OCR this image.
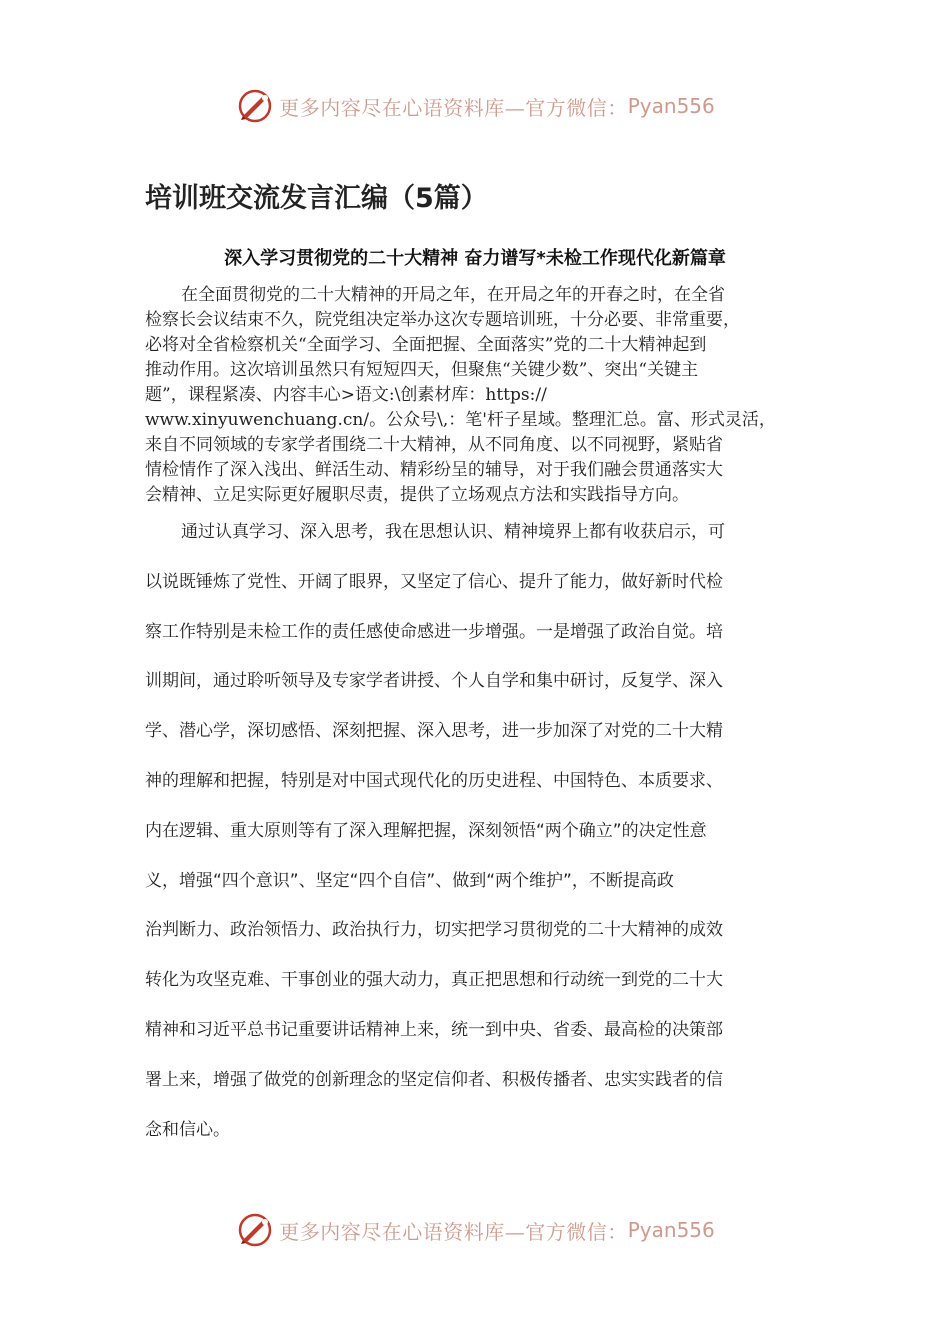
更多内容尽在心语资料库—官方微信： Pyan556
培训班交流发言汇编（5篇）
深入学习贯彻党的二十大精神 奋力谱写*未检工作现代化新篇章
在全面贯彻党的二十大精神的开局之年，在开局之年的开春之时，在全省
检察长会议结束不久，院党组决定举办这次专题培训班，十分必要、非常重要，
必将对全省检察机关“全面学习、全面把握、全面落实”党的二十大精神起到
推动作用。这次培训虽然只有短短四天，但聚焦“关键少数”、突出“关键主
题”，课程紧凑、内容丰心>语文:\创素材库：https://
www.xinyuwenchuang.cn/。公众号\,：笔'杆子星域。整理汇总。富、形式灵活，
来自不同领域的专家学者围绕二十大精神，从不同角度、以不同视野，紧贴省
情检情作了深入浅出、鲜活生动、精彩纷呈的辅导，对于我们融会贯通落实大
会精神、立足实际更好履职尽责，提供了立场观点方法和实践指导方向。
通过认真学习、深入思考，我在思想认识、精神境界上都有收获启示，可
以说既锤炼了党性、开阔了眼界，又坚定了信心、提升了能力，做好新时代检
察工作特别是未检工作的责任感使命感进一步增强。一是增强了政治自觉。培
训期间，通过聆听领导及专家学者讲授、个人自学和集中研讨，反复学、深入
学、潜心学，深切感悟、深刻把握、深入思考，进一步加深了对党的二十大精
神的理解和把握，特别是对中国式现代化的历史进程、中国特色、本质要求、
内在逻辑、重大原则等有了深入理解把握，深刻领悟“两个确立”的决定性意
义，增强“四个意识”、坚定“四个自信”、做到“两个维护”，不断提高政
治判断力、政治领悟力、政治执行力，切实把学习贯彻党的二十大精神的成效
转化为攻坚克难、干事创业的强大动力，真正把思想和行动统一到党的二十大
精神和习近平总书记重要讲话精神上来，统一到中央、省委、最高检的决策部
署上来，增强了做党的创新理念的坚定信仰者、积极传播者、忠实实践者的信
念和信心。
更多内容尽在心语资料库—官方微信： Pyan556
